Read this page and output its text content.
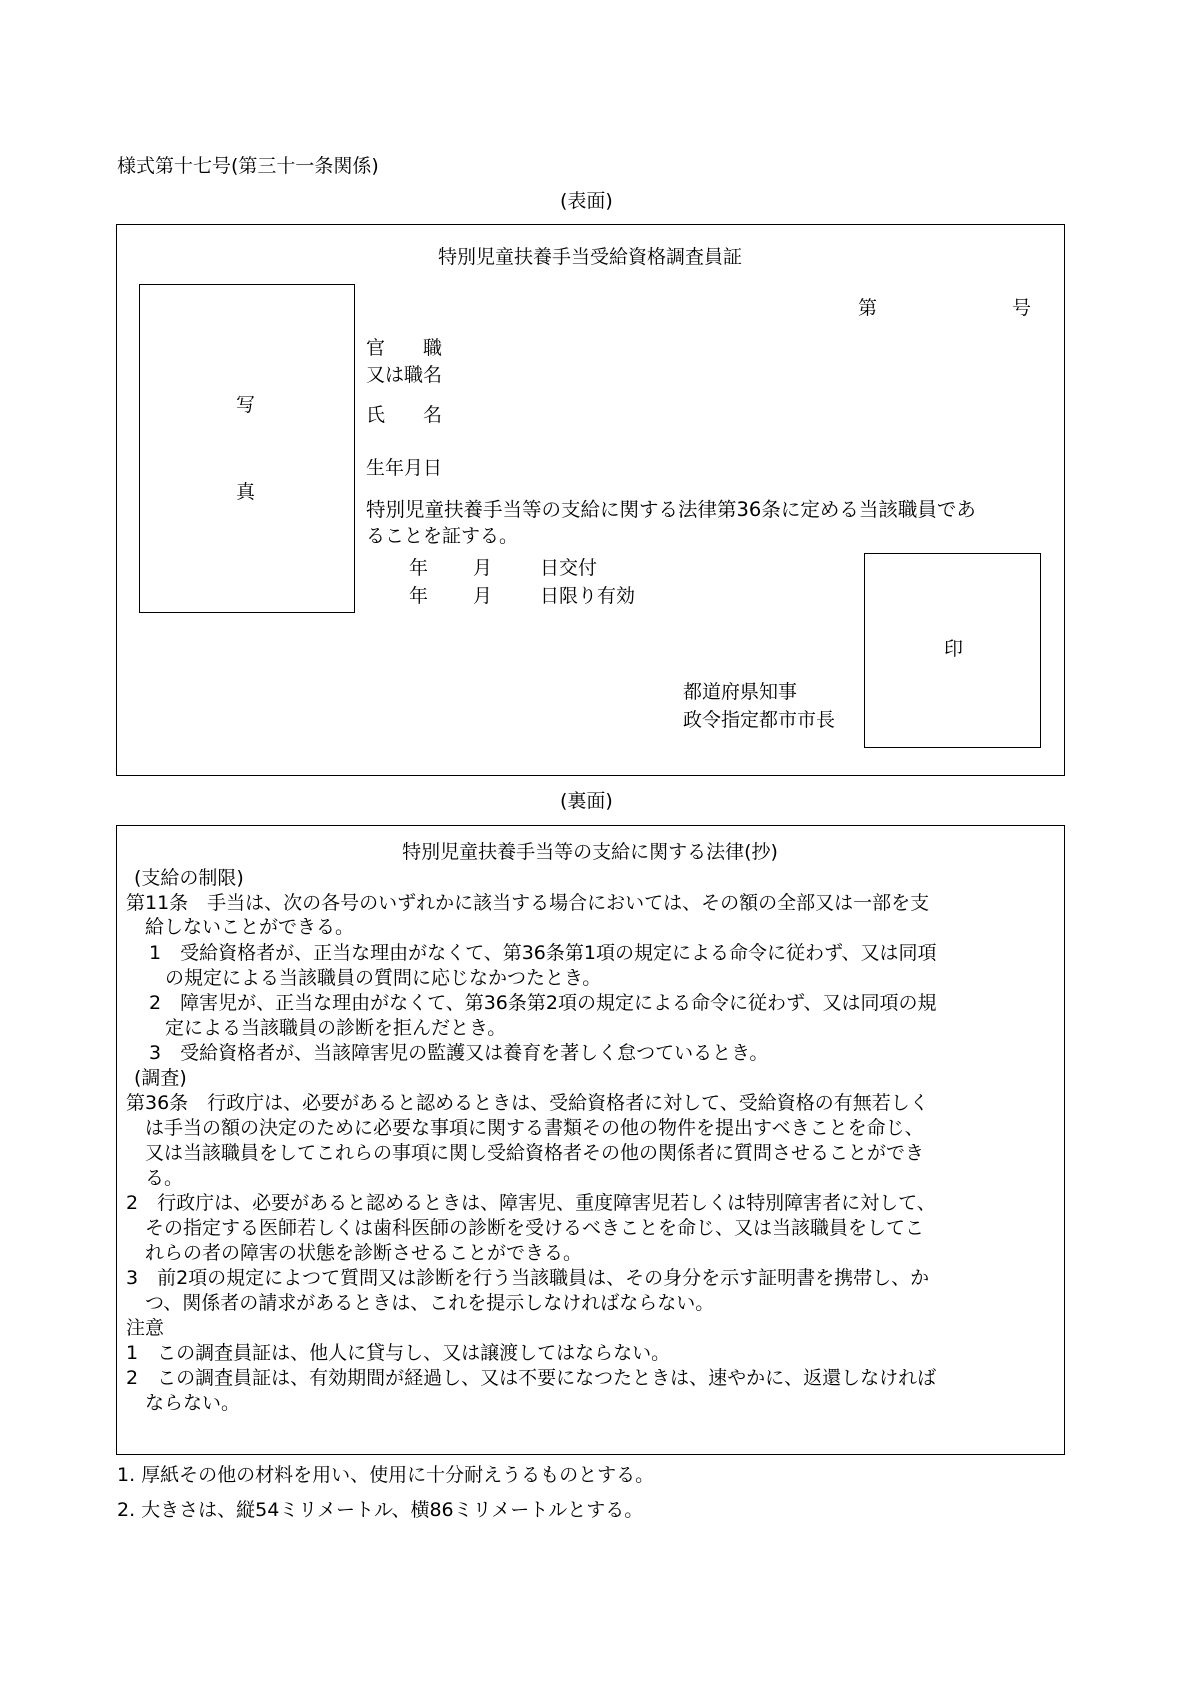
様式第十七号(第三十一条関係)
(表面)
特別児童扶養手当受給資格調査員証
写
真
第	号
官　　職
又は職名
氏　　名
生年月日
特別児童扶養手当等の支給に関する法律第36条に定める当該職員であ
ることを証する。
年 月	日交付
年 月	日限り有効
都道府県知事
政令指定都市市長
印
(裏面)
特別児童扶養手当等の支給に関する法律(抄)
(支給の制限)
第11条　手当は、次の各号のいずれかに該当する場合においては、その額の全部又は一部を支
給しないことができる。
1　受給資格者が、正当な理由がなくて、第36条第1項の規定による命令に従わず、又は同項
の規定による当該職員の質問に応じなかつたとき。
2　障害児が、正当な理由がなくて、第36条第2項の規定による命令に従わず、又は同項の規
定による当該職員の診断を拒んだとき。
3　受給資格者が、当該障害児の監護又は養育を著しく怠つているとき。
(調査)
第36条　行政庁は、必要があると認めるときは、受給資格者に対して、受給資格の有無若しく
は手当の額の決定のために必要な事項に関する書類その他の物件を提出すべきことを命じ、
又は当該職員をしてこれらの事項に関し受給資格者その他の関係者に質問させることができ
る。
2　行政庁は、必要があると認めるときは、障害児、重度障害児若しくは特別障害者に対して、
その指定する医師若しくは歯科医師の診断を受けるべきことを命じ、又は当該職員をしてこ
れらの者の障害の状態を診断させることができる。
3　前2項の規定によつて質問又は診断を行う当該職員は、その身分を示す証明書を携帯し、か
つ、関係者の請求があるときは、これを提示しなければならない。
注意
1　この調査員証は、他人に貸与し、又は譲渡してはならない。
2　この調査員証は、有効期間が経過し、又は不要になつたときは、速やかに、返還しなければ
ならない。
1. 厚紙その他の材料を用い、使用に十分耐えうるものとする。
2. 大きさは、縦54ミリメートル、横86ミリメートルとする。
